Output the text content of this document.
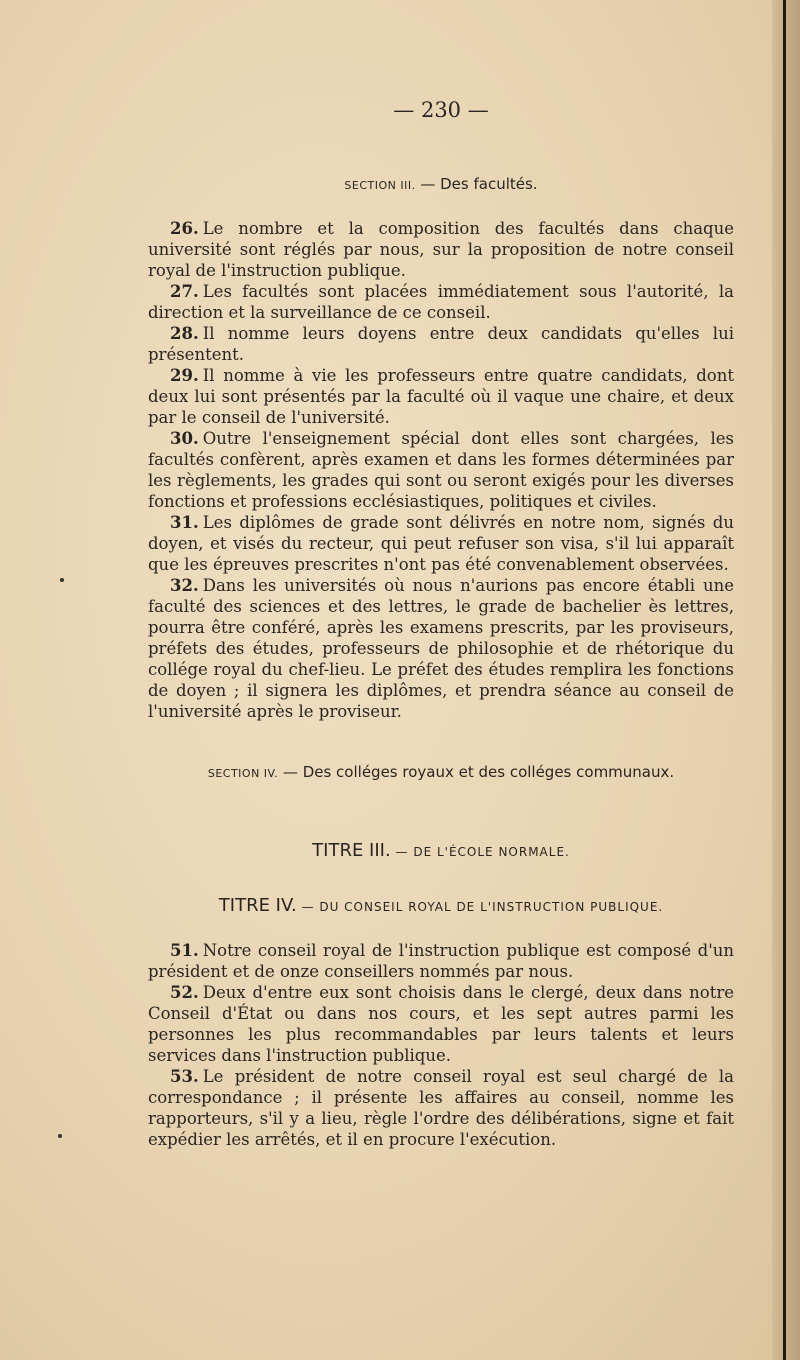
— 230 —
SECTION III. — Des facultés.

26. Le nombre et la composition des facultés dans chaque université sont réglés par nous, sur la proposition de notre conseil royal de l'instruction publique.

27. Les facultés sont placées immédiatement sous l'autorité, la direction et la surveillance de ce conseil.

28. Il nomme leurs doyens entre deux candidats qu'elles lui présentent.

29. Il nomme à vie les professeurs entre quatre candidats, dont deux lui sont présentés par la faculté où il vaque une chaire, et deux par le conseil de l'université.

30. Outre l'enseignement spécial dont elles sont chargées, les facultés confèrent, après examen et dans les formes déterminées par les règlements, les grades qui sont ou seront exigés pour les diverses fonctions et professions ecclésiastiques, politiques et civiles.

31. Les diplômes de grade sont délivrés en notre nom, signés du doyen, et visés du recteur, qui peut refuser son visa, s'il lui apparaît que les épreuves prescrites n'ont pas été convenablement observées.

32. Dans les universités où nous n'aurions pas encore établi une faculté des sciences et des lettres, le grade de bachelier ès lettres, pourra être conféré, après les examens prescrits, par les proviseurs, préfets des études, professeurs de philosophie et de rhétorique du collége royal du chef-lieu. Le préfet des études remplira les fonctions de doyen ; il signera les diplômes, et prendra séance au conseil de l'université après le proviseur.

SECTION IV. — Des colléges royaux et des colléges communaux.
TITRE III. — DE L'ÉCOLE NORMALE.
TITRE IV. — DU CONSEIL ROYAL DE L'INSTRUCTION PUBLIQUE.

51. Notre conseil royal de l'instruction publique est composé d'un président et de onze conseillers nommés par nous.

52. Deux d'entre eux sont choisis dans le clergé, deux dans notre Conseil d'État ou dans nos cours, et les sept autres parmi les personnes les plus recommandables par leurs talents et leurs services dans l'instruction publique.

53. Le président de notre conseil royal est seul chargé de la correspondance ; il présente les affaires au conseil, nomme les rapporteurs, s'il y a lieu, règle l'ordre des délibérations, signe et fait expédier les arrêtés, et il en procure l'exécution.
